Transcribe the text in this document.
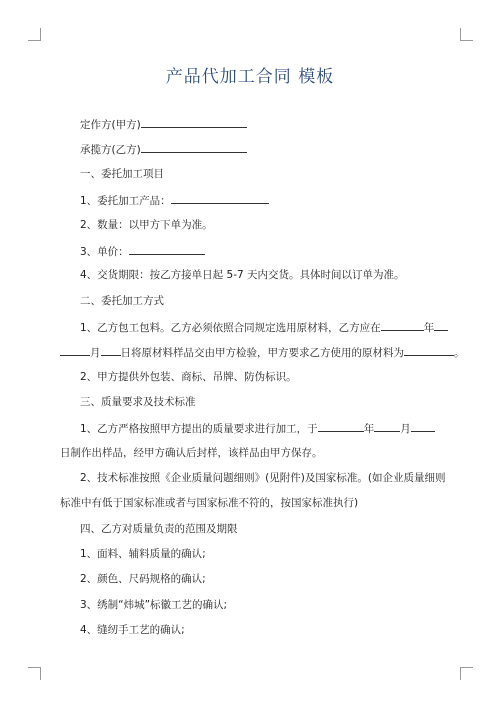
产品代加工合同 模板
定作方(甲方)
承揽方(乙方)
一、委托加工项目
1、委托加工产品：
2、数量：以甲方下单为准。
3、单价：
4、交货期限：按乙方接单日起 5-7 天内交货。具体时间以订单为准。
二、委托加工方式
1、乙方包工包料。乙方必须依照合同规定选用原材料，乙方应在	年
月 日将原材料样品交由甲方检验，甲方要求乙方使用的原材料为	。
2、甲方提供外包装、商标、吊牌、防伪标识。
三、质量要求及技术标准
1、乙方严格按照甲方提出的质量要求进行加工，于	年 月
日制作出样品，经甲方确认后封样，该样品由甲方保存。
2、技术标准按照《企业质量问题细则》(见附件)及国家标准。(如企业质量细则
标准中有低于国家标准或者与国家标准不符的，按国家标准执行)
四、乙方对质量负责的范围及期限
1、面料、辅料质量的确认;
2、颜色、尺码规格的确认;
3、绣制“炜城”标徽工艺的确认;
4、缝纫手工艺的确认;
